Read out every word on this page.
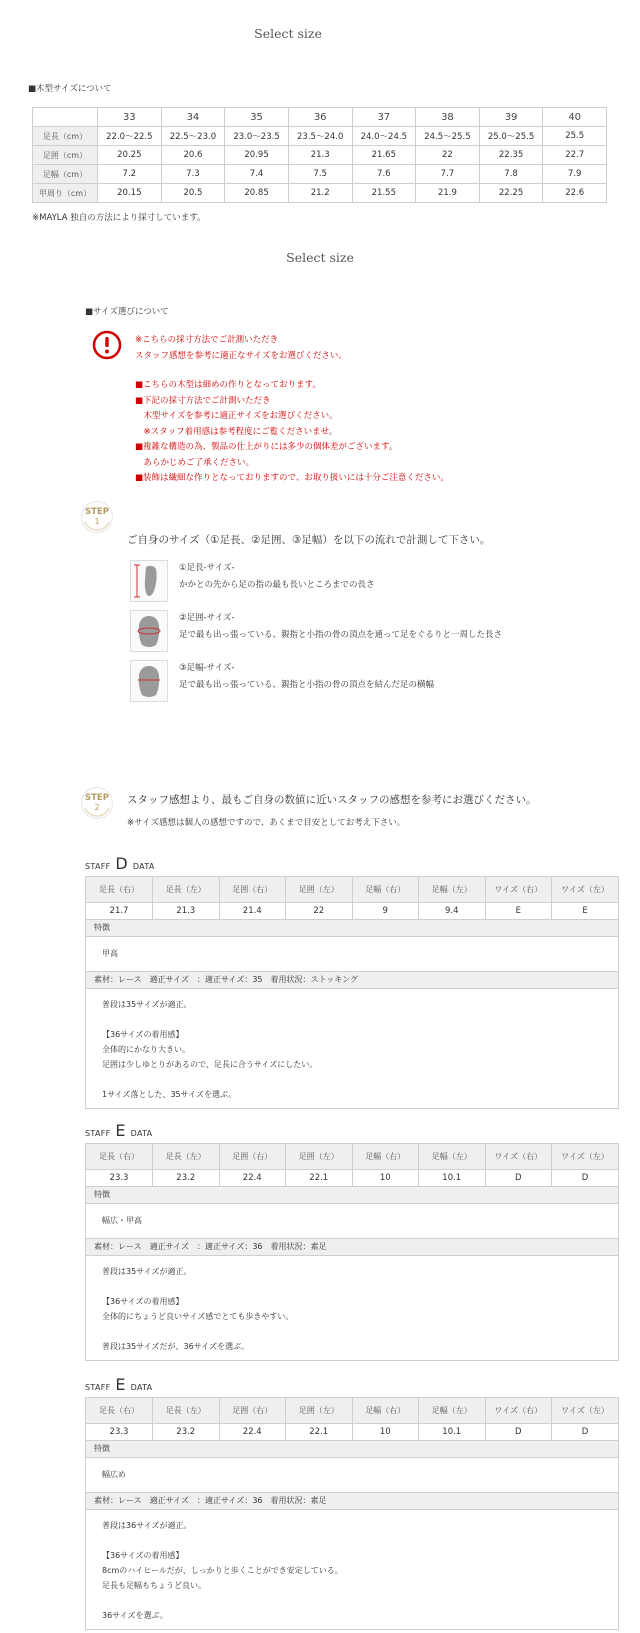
Select size
■木型サイズについて
	33	34	35	36	37	38	39	40
足長（cm）	22.0～22.5	22.5～23.0	23.0～23.5	23.5～24.0	24.0～24.5	24.5～25.5	25.0～25.5	25.5
足囲（cm）	20.25	20.6	20.95	21.3	21.65	22	22.35	22.7
足幅（cm）	7.2	7.3	7.4	7.5	7.6	7.7	7.8	7.9
甲周り（cm）	20.15	20.5	20.85	21.2	21.55	21.9	22.25	22.6
※MAYLA 独自の方法により採寸しています。
Select size
■サイズ選びについて
※こちらの採寸方法でご計測いただき
スタッフ感想を参考に適正なサイズをお選びください。
■こちらの木型は細めの作りとなっております。
■下記の採寸方法でご計測いただき
　木型サイズを参考に適正サイズをお選びください。
　※スタッフ着用感は参考程度にご覧くださいませ。
■複雑な構造の為、製品の仕上がりには多少の個体差がございます。
　あらかじめご了承ください。
■装飾は繊細な作りとなっておりますので、お取り扱いには十分ご注意ください。
STEP
1
ご自身のサイズ（①足長、②足囲、③足幅）を以下の流れで計測して下さい。
①足長-サイズ-
かかとの先から足の指の最も長いところまでの長さ
②足囲-サイズ-
足で最も出っ張っている、親指と小指の骨の頂点を通って足をぐるりと一周した長さ
③足幅-サイズ-
足で最も出っ張っている、親指と小指の骨の頂点を結んだ足の横幅
STEP
2
スタッフ感想より、最もご自身の数値に近いスタッフの感想を参考にお選びください。
※サイズ感想は個人の感想ですので、あくまで目安としてお考え下さい。
STAFF D DATA
足長（右）	足長（左）	足囲（右）	足囲（左）	足幅（右）	足幅（左）	ワイズ（右）	ワイズ（左）
21.7	21.3	21.4	22	9	9.4	E	E
特徴
甲高
素材：レース　適正サイズ　：適正サイズ：35　着用状況：ストッキング
普段は35サイズが適正。
【36サイズの着用感】
全体的にかなり大きい。
足囲は少しゆとりがあるので、足長に合うサイズにしたい。
1サイズ落とした、35サイズを選ぶ。
STAFF E DATA
足長（右）	足長（左）	足囲（右）	足囲（左）	足幅（右）	足幅（左）	ワイズ（右）	ワイズ（左）
23.3	23.2	22.4	22.1	10	10.1	D	D
特徴
幅広・甲高
素材：レース　適正サイズ　：適正サイズ：36　着用状況：素足
普段は35サイズが適正。
【36サイズの着用感】
全体的にちょうど良いサイズ感でとても歩きやすい。
普段は35サイズだが、36サイズを選ぶ。
STAFF E DATA
足長（右）	足長（左）	足囲（右）	足囲（左）	足幅（右）	足幅（左）	ワイズ（右）	ワイズ（左）
23.3	23.2	22.4	22.1	10	10.1	D	D
特徴
幅広め
素材：レース　適正サイズ　：適正サイズ：36　着用状況：素足
普段は36サイズが適正。
【36サイズの着用感】
8cmのハイヒールだが、しっかりと歩くことができ安定している。
足長も足幅もちょうど良い。
36サイズを選ぶ。
